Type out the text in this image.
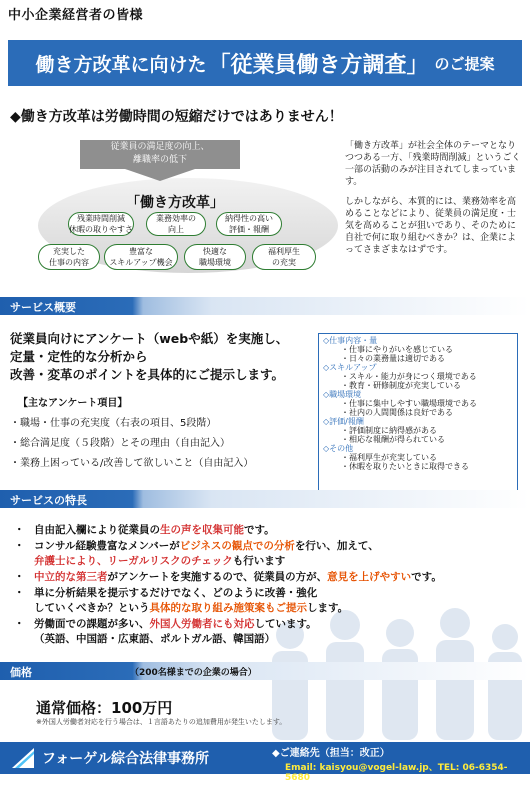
中小企業経営者の皆様
働き方改革に向けた 「従業員働き方調査」 のご提案
◆働き方改革は労働時間の短縮だけではありません！
従業員の満足度の向上、
離職率の低下
「働き方改革」
残業時間削減
休暇の取りやすさ
業務効率の
向上
納得性の高い
評価・報酬
充実した
仕事の内容
豊富な
スキルアップ機会
快適な
職場環境
福利厚生
の充実

「働き方改革」が社会全体のテーマとなりつつある一方、「残業時間削減」というごく一部の活動のみが注目されてしまっています。

しかしながら、本質的には、業務効率を高めることなどにより、従業員の満足度・士気を高めることが狙いであり、そのために自社で何に取り組むべきか？は、企業によってさまざまなはずです。

サービス概要
従業員向けにアンケート（webや紙）を実施し、
定量・定性的な分析から
改善・変革のポイントを具体的にご提示します。
【主なアンケート項目】
・職場・仕事の充実度（右表の項目、5段階）
・総合満足度（５段階）とその理由（自由記入）
・業務上困っている/改善して欲しいこと（自由記入）
◇仕事内容・量
・仕事にやりがいを感じている
・日々の業務量は適切である
◇スキルアップ
・スキル・能力が身につく環境である
・教育・研修制度が充実している
◇職場環境
・仕事に集中しやすい職場環境である
・社内の人間関係は良好である
◇評価/報酬
・評価制度に納得感がある
・相応な報酬が得られている
◇その他
・福利厚生が充実している
・休暇を取りたいときに取得できる
サービスの特長
・ 自由記入欄により従業員の生の声を収集可能です。
・ コンサル経験豊富なメンバーがビジネスの観点での分析を行い、加えて、
弁護士により、リーガルリスクのチェックも行います
・ 中立的な第三者がアンケートを実施するので、従業員の方が、意見を上げやすいです。
・ 単に分析結果を提示するだけでなく、どのように改善・強化
していくべきか？という具体的な取り組み施策案もご提示します。
・ 労働面での課題が多い、外国人労働者にも対応しています。
（英語、中国語・広東語、ポルトガル語、韓国語）
価格	（200名様までの企業の場合）
通常価格：100万円
※外国人労働者対応を行う場合は、１言語あたりの追加費用が発生いたします。
フォーゲル綜合法律事務所	◆ご連絡先（担当：改正）
Email: kaisyou@vogel-law.jp、TEL: 06-6354-5680
